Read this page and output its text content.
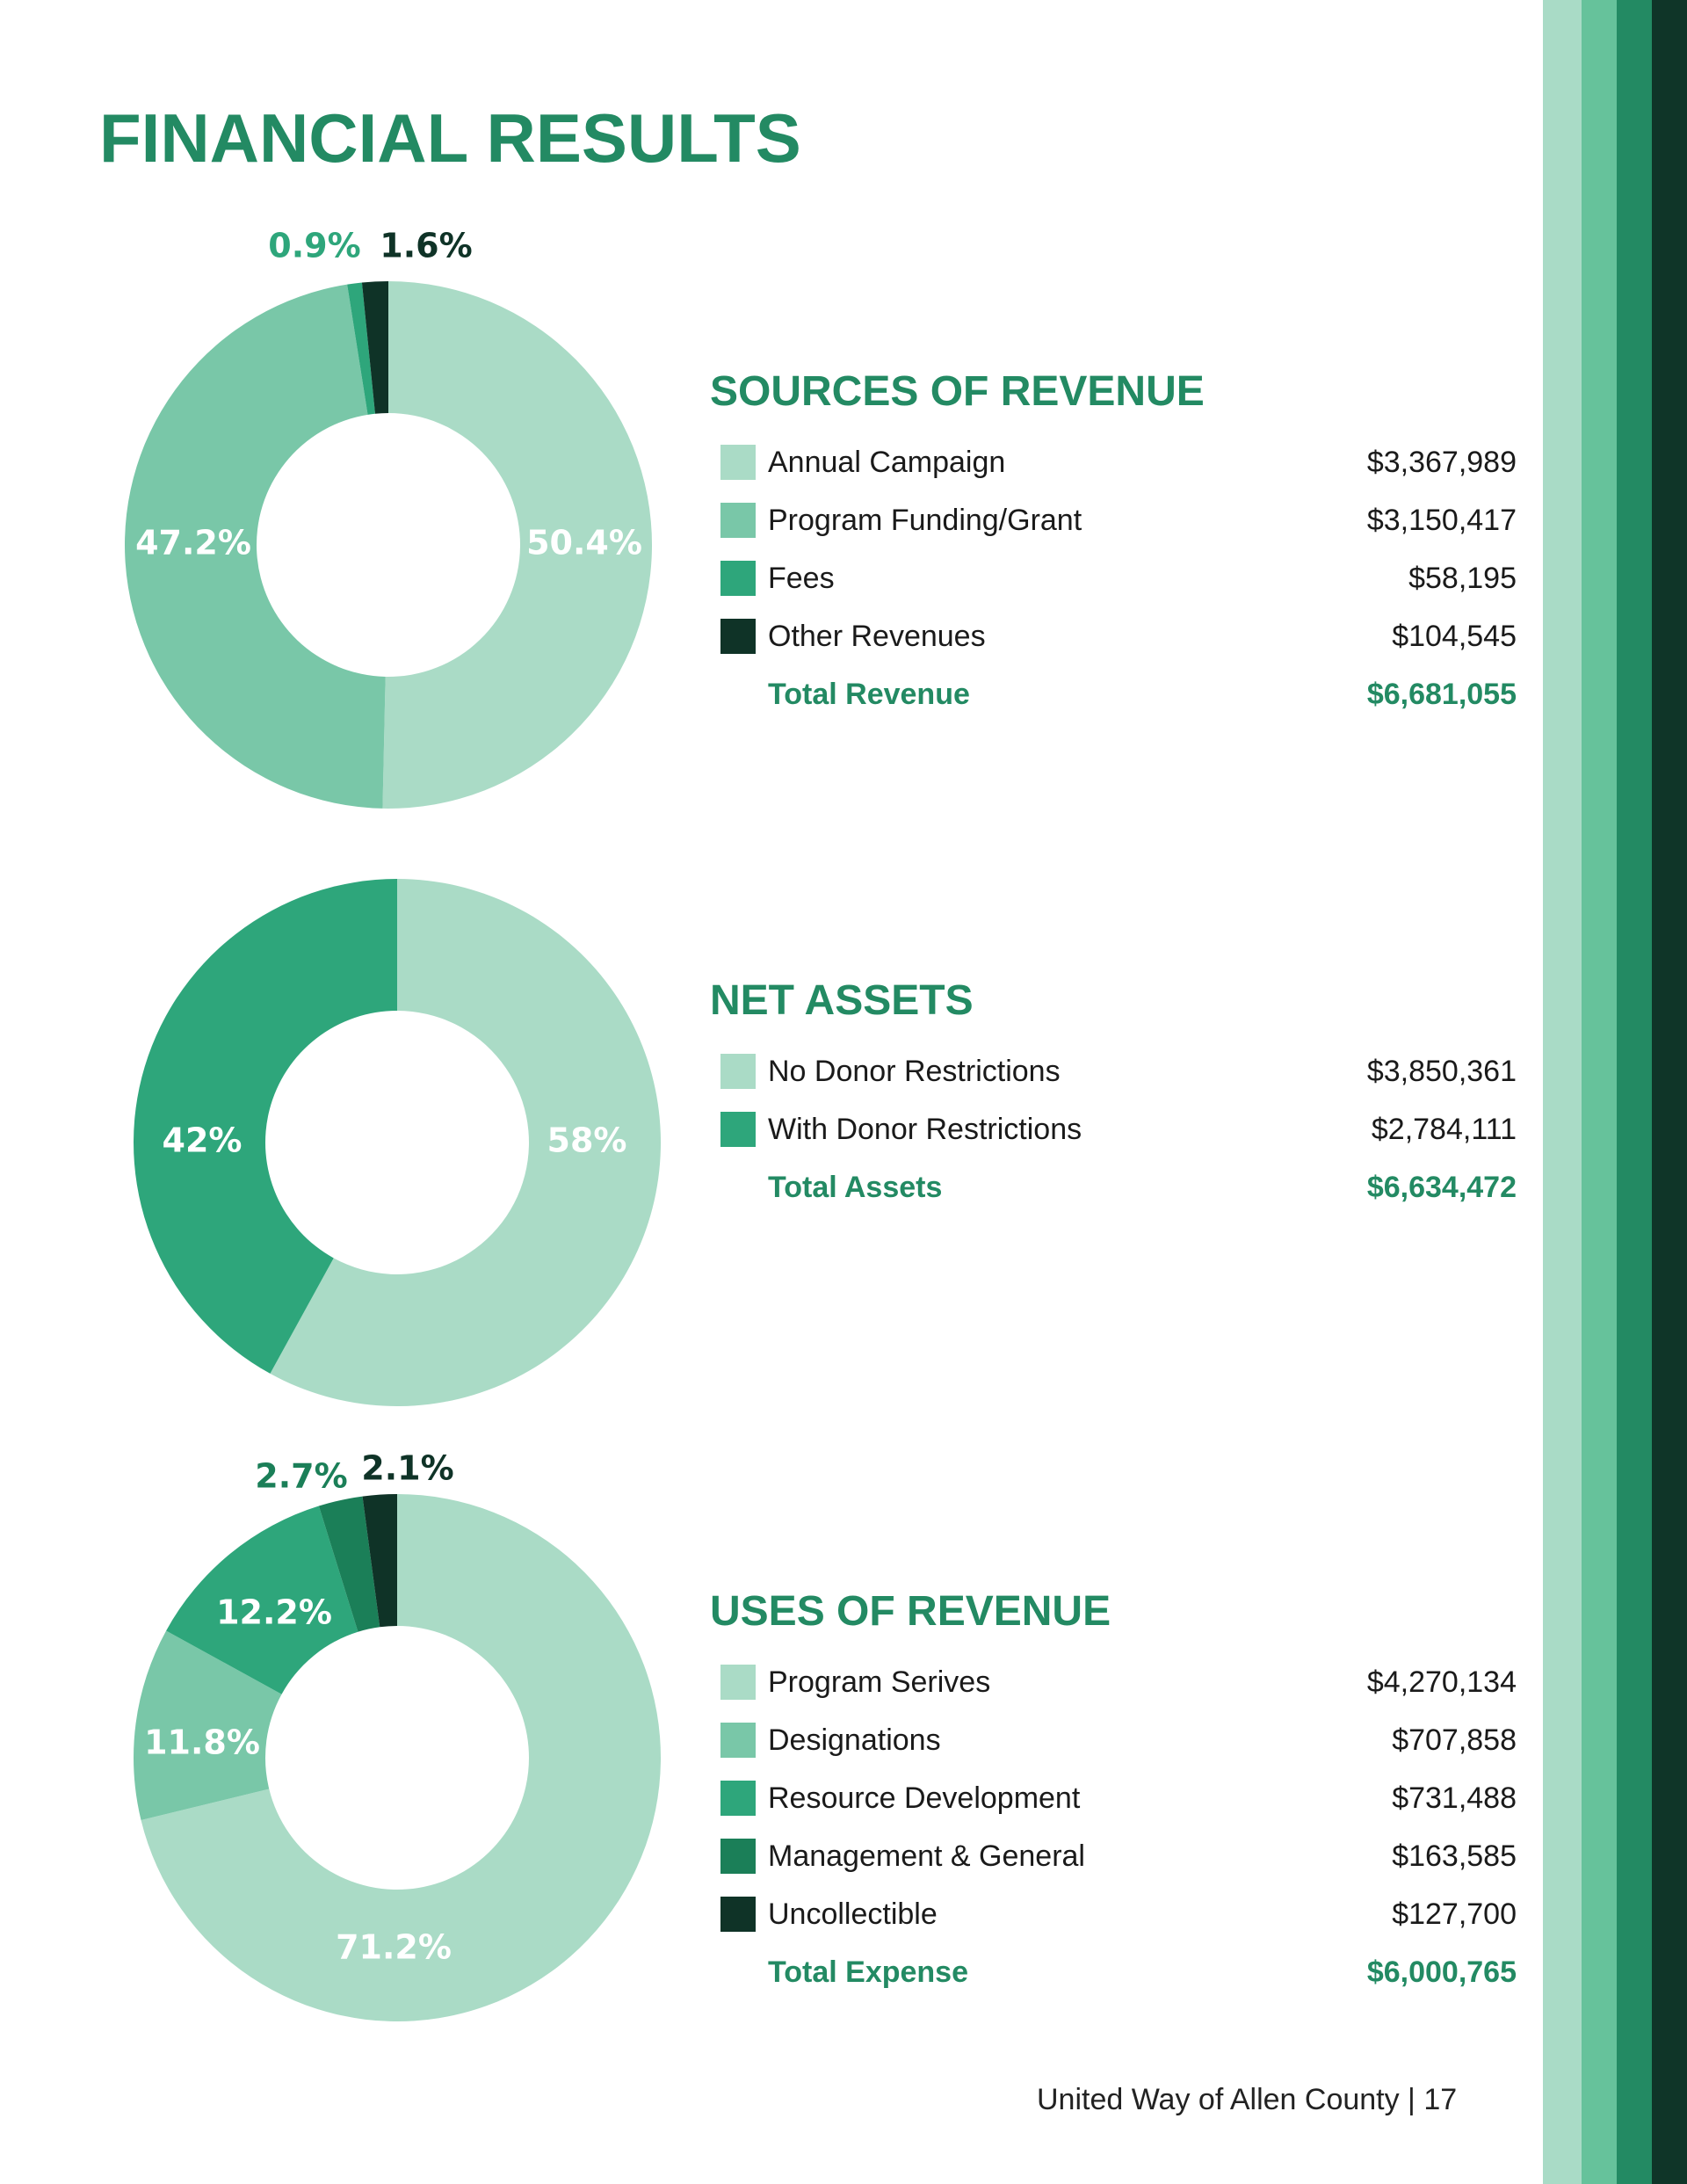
FINANCIAL RESULTS
50.4%
47.2%
0.9% 1.6%
SOURCES OF REVENUE
Annual Campaign	$3,367,989
Program Funding/Grant	$3,150,417
Fees	$58,195
Other Revenues	$104,545
Total Revenue	$6,681,055
58%
42%
NET ASSETS
No Donor Restrictions	$3,850,361
With Donor Restrictions	$2,784,111
Total Assets	$6,634,472
71.2%
11.8%
12.2%
2.7% 2.1%
USES OF REVENUE
Program Serives	$4,270,134
Designations	$707,858
Resource Development	$731,488
Management & General	$163,585
Uncollectible	$127,700
Total Expense	$6,000,765
United Way of Allen County | 17
